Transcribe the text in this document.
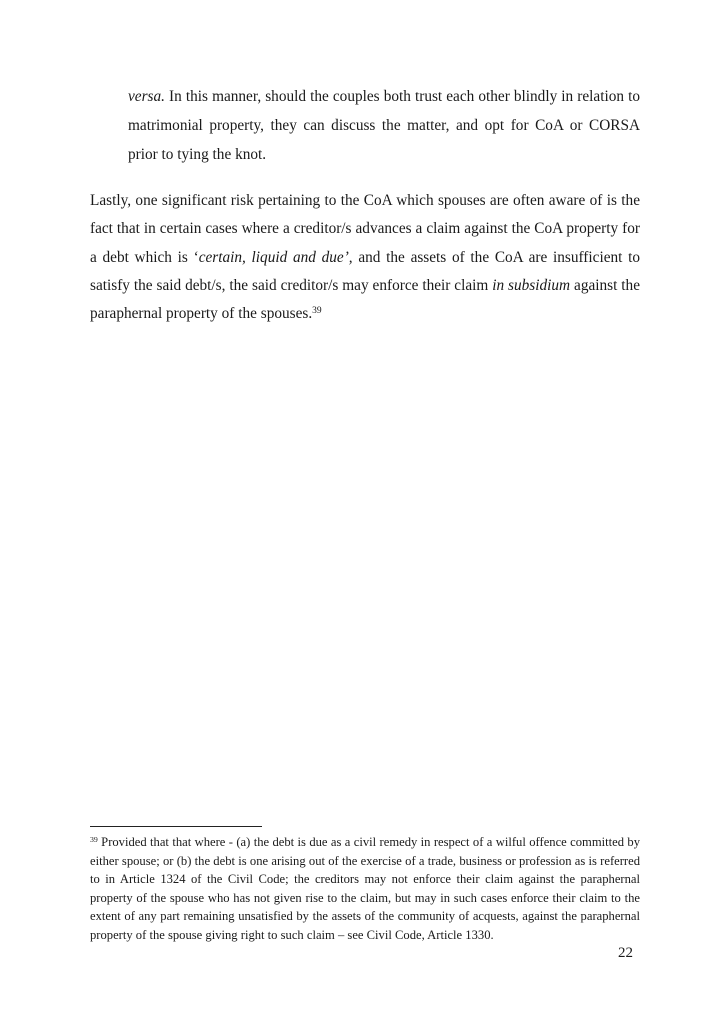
versa. In this manner, should the couples both trust each other blindly in relation to matrimonial property, they can discuss the matter, and opt for CoA or CORSA prior to tying the knot.

Lastly, one significant risk pertaining to the CoA which spouses are often aware of is the fact that in certain cases where a creditor/s advances a claim against the CoA property for a debt which is ‘certain, liquid and due’, and the assets of the CoA are insufficient to satisfy the said debt/s, the said creditor/s may enforce their claim in subsidium against the paraphernal property of the spouses.$^{39}$

$^{39}$ Provided that that where - (a) the debt is due as a civil remedy in respect of a wilful offence committed by either spouse; or (b) the debt is one arising out of the exercise of a trade, business or profession as is referred to in Article 1324 of the Civil Code; the creditors may not enforce their claim against the paraphernal property of the spouse who has not given rise to the claim, but may in such cases enforce their claim to the extent of any part remaining unsatisfied by the assets of the community of acquests, against the paraphernal property of the spouse giving right to such claim – see Civil Code, Article 1330.

22
